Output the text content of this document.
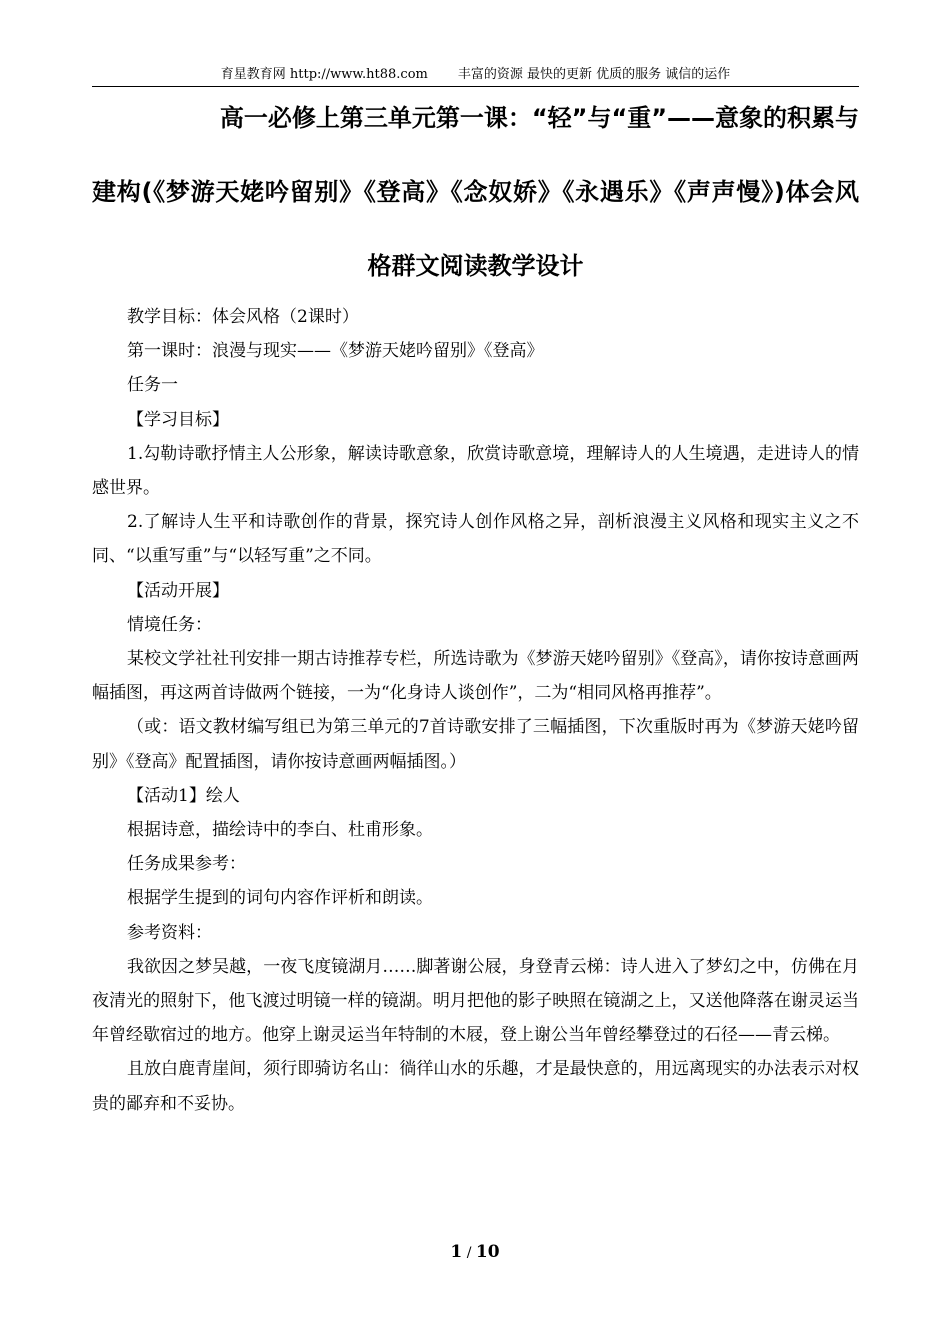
育星教育网 http://www.ht88.com 丰富的资源 最快的更新 优质的服务 诚信的运作
高一必修上第三单元第一课：“轻”与“重”——意象的积累与
建构(《梦游天姥吟留别》《登高》《念奴娇》《永遇乐》《声声慢》)体会风
格群文阅读教学设计

教学目标：体会风格（2课时）

第一课时：浪漫与现实——《梦游天姥吟留别》《登高》

任务一

【学习目标】

1.勾勒诗歌抒情主人公形象，解读诗歌意象，欣赏诗歌意境，理解诗人的人生境遇，走进诗人的情感世界。

2.了解诗人生平和诗歌创作的背景，探究诗人创作风格之异，剖析浪漫主义风格和现实主义之不同、“以重写重”与“以轻写重”之不同。

【活动开展】

情境任务：

某校文学社社刊安排一期古诗推荐专栏，所选诗歌为《梦游天姥吟留别》《登高》，请你按诗意画两幅插图，再这两首诗做两个链接，一为“化身诗人谈创作”，二为“相同风格再推荐”。

（或：语文教材编写组已为第三单元的7首诗歌安排了三幅插图，下次重版时再为《梦游天姥吟留别》《登高》配置插图，请你按诗意画两幅插图。）

【活动1】绘人

根据诗意，描绘诗中的李白、杜甫形象。

任务成果参考：

根据学生提到的词句内容作评析和朗读。

参考资料：

我欲因之梦吴越，一夜飞度镜湖月……脚著谢公屐，身登青云梯：诗人进入了梦幻之中，仿佛在月夜清光的照射下，他飞渡过明镜一样的镜湖。明月把他的影子映照在镜湖之上，又送他降落在谢灵运当年曾经歇宿过的地方。他穿上谢灵运当年特制的木屐，登上谢公当年曾经攀登过的石径——青云梯。

且放白鹿青崖间，须行即骑访名山：徜徉山水的乐趣，才是最快意的，用远离现实的办法表示对权贵的鄙弃和不妥协。

1 / 10
